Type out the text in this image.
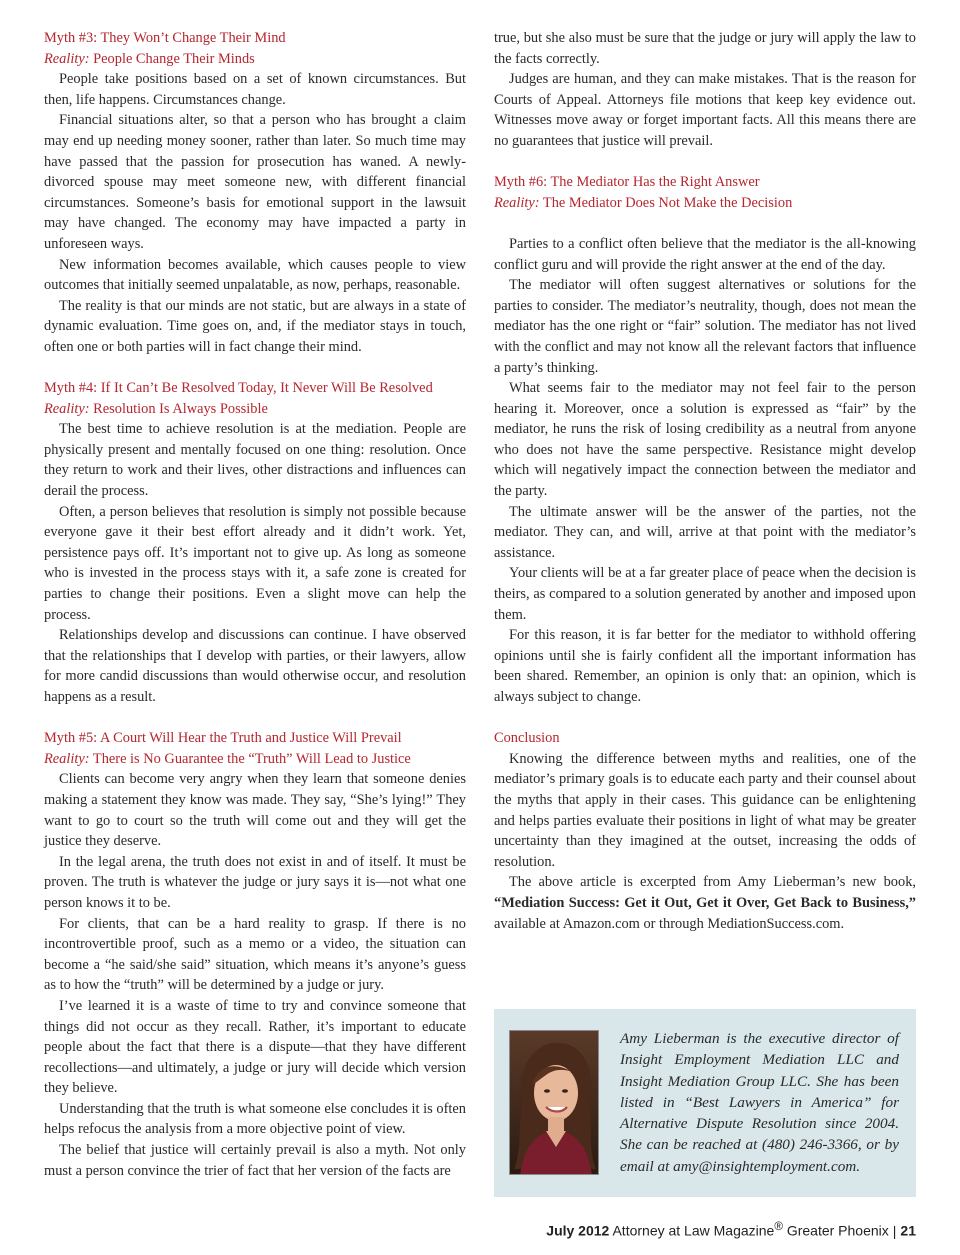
Myth #3: They Won’t Change Their Mind
Reality: People Change Their Minds

People take positions based on a set of known circumstances. But then, life happens. Circumstances change.

Financial situations alter, so that a person who has brought a claim may end up needing money sooner, rather than later. So much time may have passed that the passion for prosecution has waned. A newly-divorced spouse may meet someone new, with different financial circumstances. Someone’s basis for emotional support in the lawsuit may have changed. The economy may have impacted a party in unforeseen ways.

New information becomes available, which causes people to view outcomes that initially seemed unpalatable, as now, perhaps, reasonable.

The reality is that our minds are not static, but are always in a state of dynamic evaluation. Time goes on, and, if the mediator stays in touch, often one or both parties will in fact change their mind.

Myth #4: If It Can’t Be Resolved Today, It Never Will Be Resolved
Reality: Resolution Is Always Possible

The best time to achieve resolution is at the mediation. People are physically present and mentally focused on one thing: resolution. Once they return to work and their lives, other distractions and influences can derail the process.

Often, a person believes that resolution is simply not possible because everyone gave it their best effort already and it didn’t work. Yet, persistence pays off. It’s important not to give up. As long as someone who is invested in the process stays with it, a safe zone is created for parties to change their positions. Even a slight move can help the process.

Relationships develop and discussions can continue. I have observed that the relationships that I develop with parties, or their lawyers, allow for more candid discussions than would otherwise occur, and resolution happens as a result.

Myth #5: A Court Will Hear the Truth and Justice Will Prevail
Reality: There is No Guarantee the “Truth” Will Lead to Justice

Clients can become very angry when they learn that someone denies making a statement they know was made. They say, “She’s lying!” They want to go to court so the truth will come out and they will get the justice they deserve.

In the legal arena, the truth does not exist in and of itself. It must be proven. The truth is whatever the judge or jury says it is—not what one person knows it to be.

For clients, that can be a hard reality to grasp. If there is no incontrovertible proof, such as a memo or a video, the situation can become a “he said/she said” situation, which means it’s anyone’s guess as to how the “truth” will be determined by a judge or jury.

I’ve learned it is a waste of time to try and convince someone that things did not occur as they recall. Rather, it’s important to educate people about the fact that there is a dispute—that they have different recollections—and ultimately, a judge or jury will decide which version they believe.

Understanding that the truth is what someone else concludes it is often helps refocus the analysis from a more objective point of view.

The belief that justice will certainly prevail is also a myth. Not only must a person convince the trier of fact that her version of the facts are

true, but she also must be sure that the judge or jury will apply the law to the facts correctly.

Judges are human, and they can make mistakes. That is the reason for Courts of Appeal. Attorneys file motions that keep key evidence out. Witnesses move away or forget important facts. All this means there are no guarantees that justice will prevail.

Myth #6: The Mediator Has the Right Answer
Reality: The Mediator Does Not Make the Decision

Parties to a conflict often believe that the mediator is the all-knowing conflict guru and will provide the right answer at the end of the day.

The mediator will often suggest alternatives or solutions for the parties to consider. The mediator’s neutrality, though, does not mean the mediator has the one right or “fair” solution. The mediator has not lived with the conflict and may not know all the relevant factors that influence a party’s thinking.

What seems fair to the mediator may not feel fair to the person hearing it. Moreover, once a solution is expressed as “fair” by the mediator, he runs the risk of losing credibility as a neutral from anyone who does not have the same perspective. Resistance might develop which will negatively impact the connection between the mediator and the party.

The ultimate answer will be the answer of the parties, not the mediator. They can, and will, arrive at that point with the mediator’s assistance.

Your clients will be at a far greater place of peace when the decision is theirs, as compared to a solution generated by another and imposed upon them.

For this reason, it is far better for the mediator to withhold offering opinions until she is fairly confident all the important information has been shared. Remember, an opinion is only that: an opinion, which is always subject to change.

Conclusion

Knowing the difference between myths and realities, one of the mediator’s primary goals is to educate each party and their counsel about the myths that apply in their cases. This guidance can be enlightening and helps parties evaluate their positions in light of what may be greater uncertainty than they imagined at the outset, increasing the odds of resolution.

The above article is excerpted from Amy Lieberman’s new book, “Mediation Success: Get it Out, Get it Over, Get Back to Business,” available at Amazon.com or through MediationSuccess.com.

Amy Lieberman is the executive director of Insight Employment Mediation LLC and Insight Mediation Group LLC. She has been listed in “Best Lawyers in America” for Alternative Dispute Resolution since 2004. She can be reached at (480) 246-3366, or by email at amy@insightemployment.com.

July 2012 Attorney at Law Magazine® Greater Phoenix | 21
